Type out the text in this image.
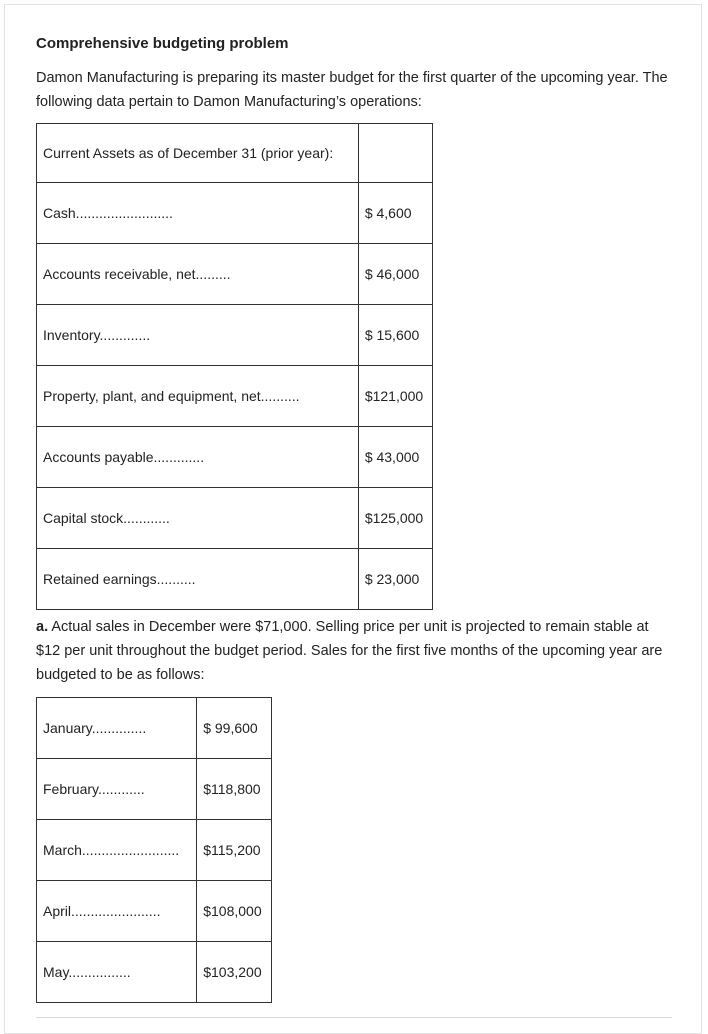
Comprehensive budgeting problem

Damon Manufacturing is preparing its master budget for the first quarter of the upcoming year. The following data pertain to Damon Manufacturing’s operations:

Current Assets as of December 31 (prior year):	
Cash.........................	$ 4,600
Accounts receivable, net.........	$ 46,000
Inventory.............	$ 15,600
Property, plant, and equipment, net..........	$121,000
Accounts payable.............	$ 43,000
Capital stock............	$125,000
Retained earnings..........	$ 23,000

a. Actual sales in December were $71,000. Selling price per unit is projected to remain stable at $12 per unit throughout the budget period. Sales for the first five months of the upcoming year are budgeted to be as follows:

January..............	$ 99,600
February............	$118,800
March.........................	$115,200
April.......................	$108,000
May................	$103,200
